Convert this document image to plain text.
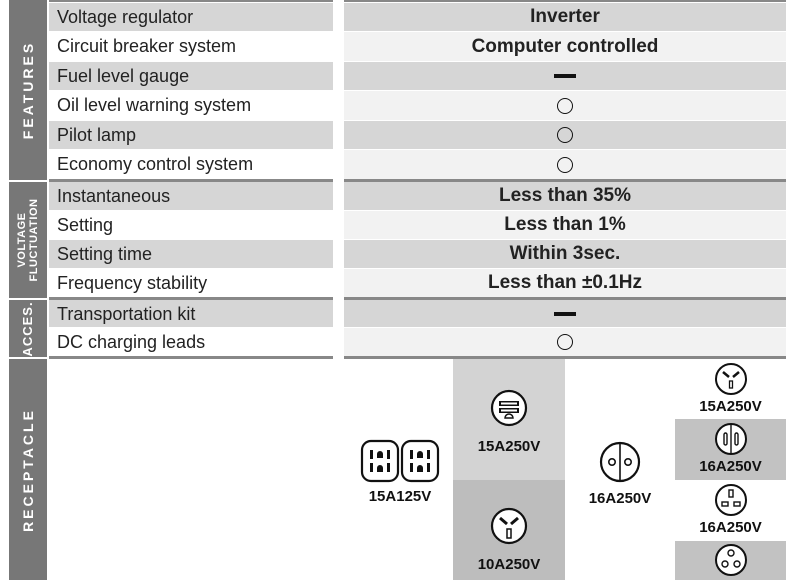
FEATURES
VOLTAGE FLUCTUATION
ACCES.
RECEPTACLE
Voltage regulator
Circuit breaker system
Fuel level gauge
Oil level warning system
Pilot lamp
Economy control system
Instantaneous
Setting
Setting time
Frequency stability
Transportation kit
DC charging leads
Inverter
Computer controlled
Less than 35%
Less than 1%
Within 3sec.
Less than ±0.1Hz
15A125V
15A250V
10A250V
16A250V
15A250V
16A250V
16A250V
